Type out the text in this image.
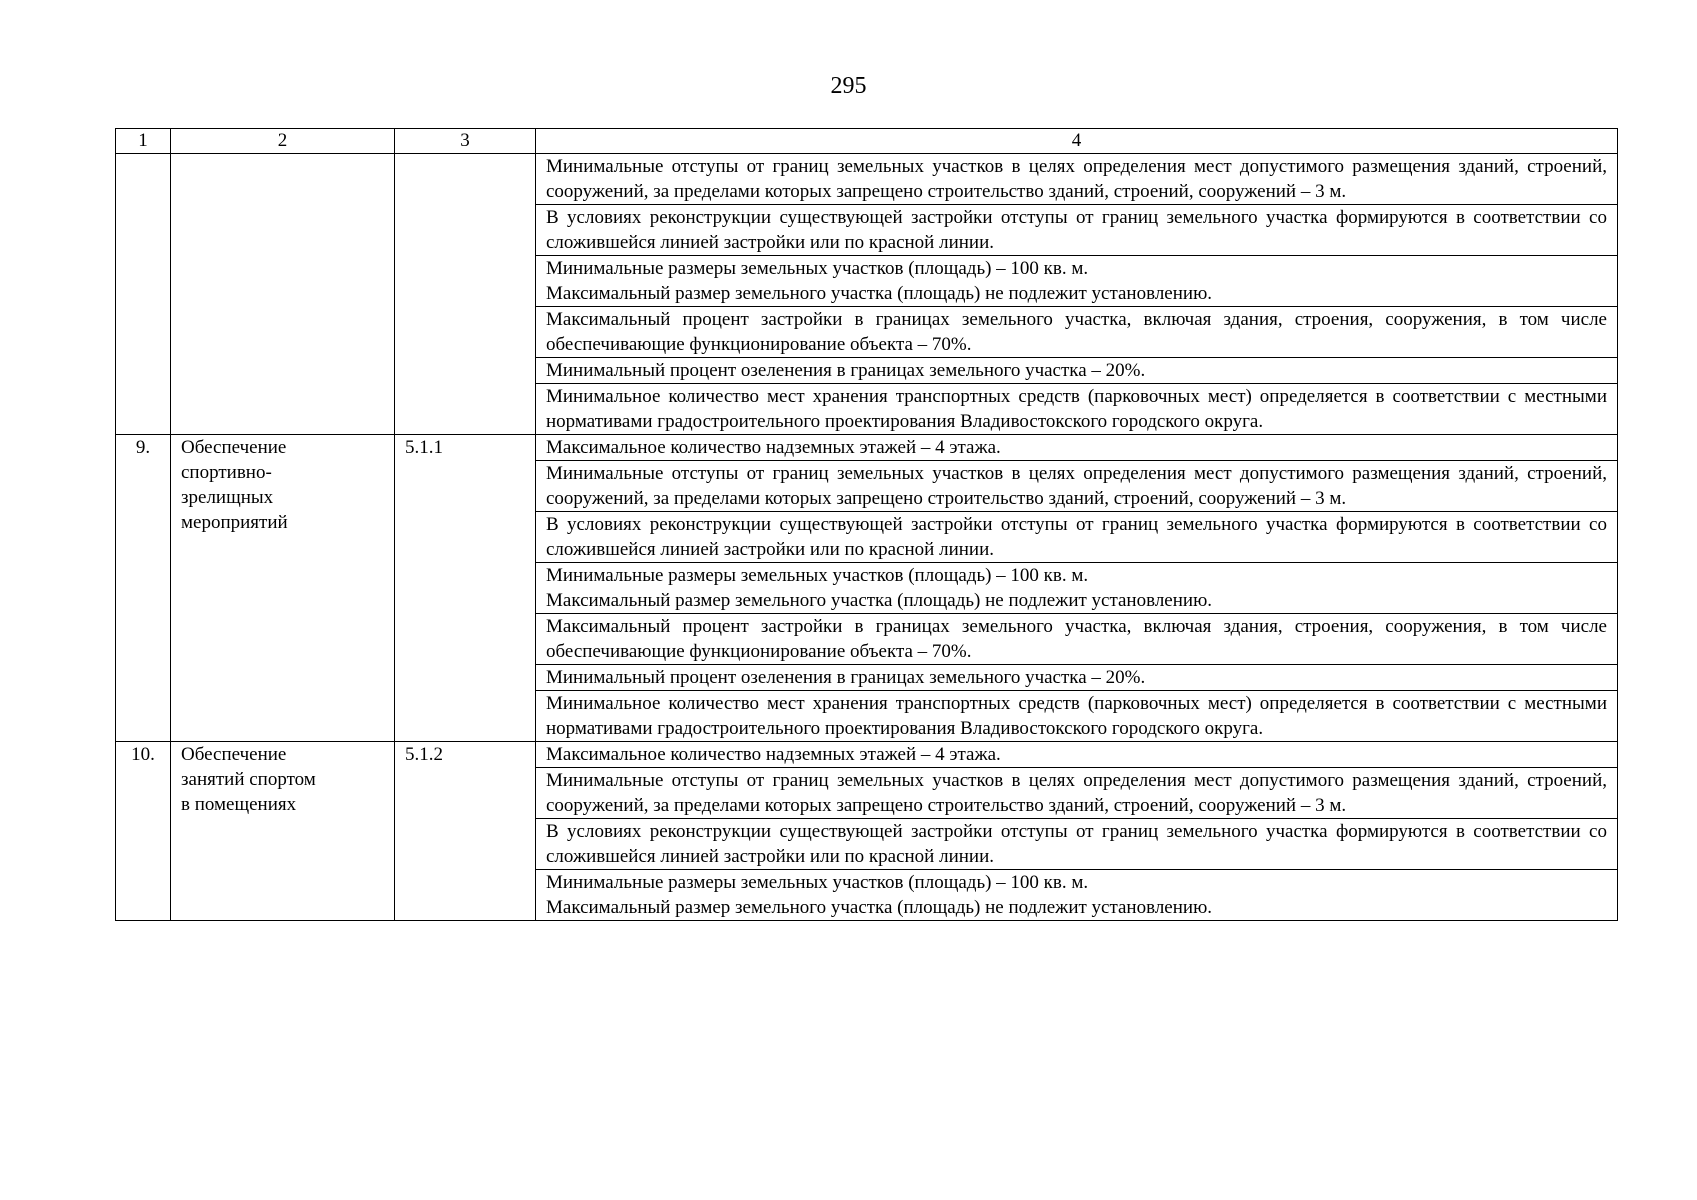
295
1	2	3	4

			Минимальные отступы от границ земельных участков в целях определения мест допустимого размещения зданий, строений, сооружений, за пределами которых запрещено строительство зданий, строений, сооружений – 3 м.

			В условиях реконструкции существующей застройки отступы от границ земельного участка формируются в соответствии со сложившейся линией застройки или по красной линии.

			Минимальные размеры земельных участков (площадь) – 100 кв. м.
Максимальный размер земельного участка (площадь) не подлежит установлению.

			Максимальный процент застройки в границах земельного участка, включая здания, строения, сооружения, в том числе обеспечивающие функционирование объекта – 70%.

			Минимальный процент озеленения в границах земельного участка – 20%.

			Минимальное количество мест хранения транспортных средств (парковочных мест) определяется в соответствии с местными нормативами градостроительного проектирования Владивостокского городского округа.

9.	Обеспечение
спортивно-
зрелищных
мероприятий	5.1.1	Максимальное количество надземных этажей – 4 этажа.

			Минимальные отступы от границ земельных участков в целях определения мест допустимого размещения зданий, строений, сооружений, за пределами которых запрещено строительство зданий, строений, сооружений – 3 м.

			В условиях реконструкции существующей застройки отступы от границ земельного участка формируются в соответствии со сложившейся линией застройки или по красной линии.

			Минимальные размеры земельных участков (площадь) – 100 кв. м.
Максимальный размер земельного участка (площадь) не подлежит установлению.

			Максимальный процент застройки в границах земельного участка, включая здания, строения, сооружения, в том числе обеспечивающие функционирование объекта – 70%.

			Минимальный процент озеленения в границах земельного участка – 20%.

			Минимальное количество мест хранения транспортных средств (парковочных мест) определяется в соответствии с местными нормативами градостроительного проектирования Владивостокского городского округа.

10.	Обеспечение
занятий спортом
в помещениях	5.1.2	Максимальное количество надземных этажей – 4 этажа.

			Минимальные отступы от границ земельных участков в целях определения мест допустимого размещения зданий, строений, сооружений, за пределами которых запрещено строительство зданий, строений, сооружений – 3 м.

			В условиях реконструкции существующей застройки отступы от границ земельного участка формируются в соответствии со сложившейся линией застройки или по красной линии.

			Минимальные размеры земельных участков (площадь) – 100 кв. м.
Максимальный размер земельного участка (площадь) не подлежит установлению.
